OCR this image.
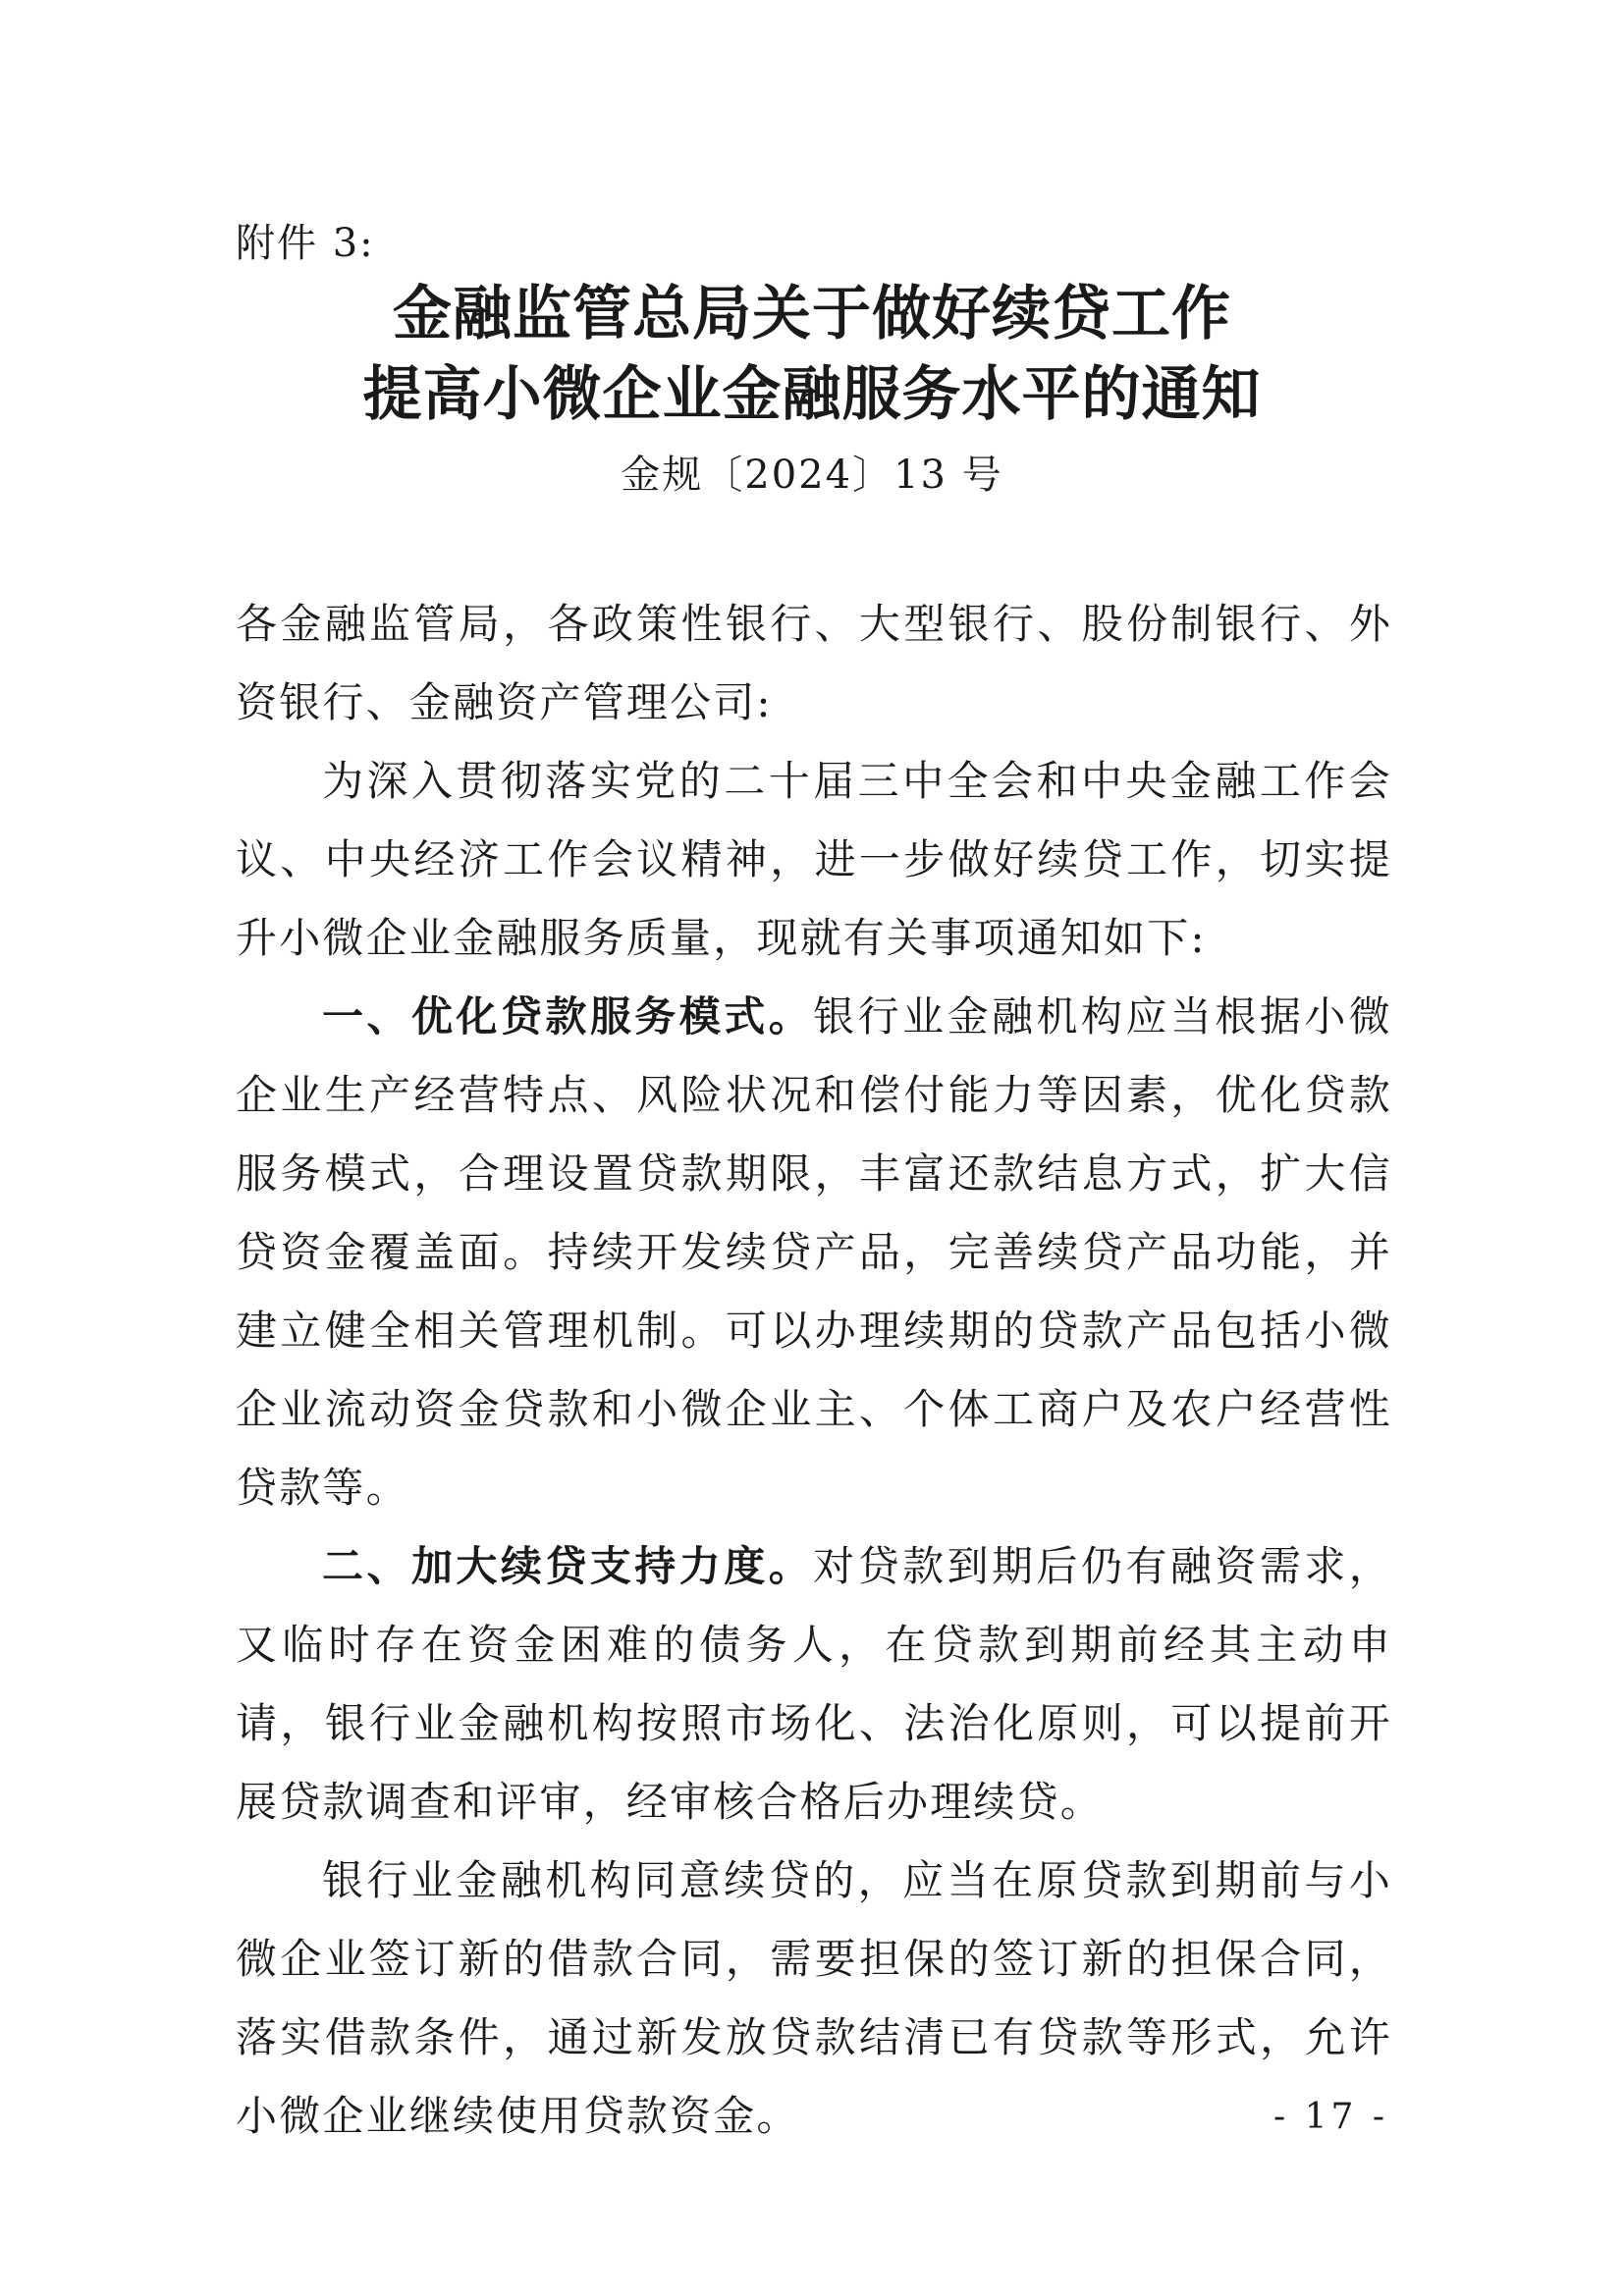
附件 3:
金融监管总局关于做好续贷工作
提高小微企业金融服务水平的通知
金规〔2024〕13 号

各金融监管局，各政策性银行、大型银行、股份制银行、外资银行、金融资产管理公司:

为深入贯彻落实党的二十届三中全会和中央金融工作会议、中央经济工作会议精神，进一步做好续贷工作，切实提升小微企业金融服务质量，现就有关事项通知如下:

一、优化贷款服务模式。银行业金融机构应当根据小微企业生产经营特点、风险状况和偿付能力等因素，优化贷款服务模式，合理设置贷款期限，丰富还款结息方式，扩大信贷资金覆盖面。持续开发续贷产品，完善续贷产品功能，并建立健全相关管理机制。可以办理续期的贷款产品包括小微企业流动资金贷款和小微企业主、个体工商户及农户经营性贷款等。

二、加大续贷支持力度。对贷款到期后仍有融资需求，又临时存在资金困难的债务人，在贷款到期前经其主动申请，银行业金融机构按照市场化、法治化原则，可以提前开展贷款调查和评审，经审核合格后办理续贷。

银行业金融机构同意续贷的，应当在原贷款到期前与小微企业签订新的借款合同，需要担保的签订新的担保合同，落实借款条件，通过新发放贷款结清已有贷款等形式，允许小微企业继续使用贷款资金。	- 17 -
